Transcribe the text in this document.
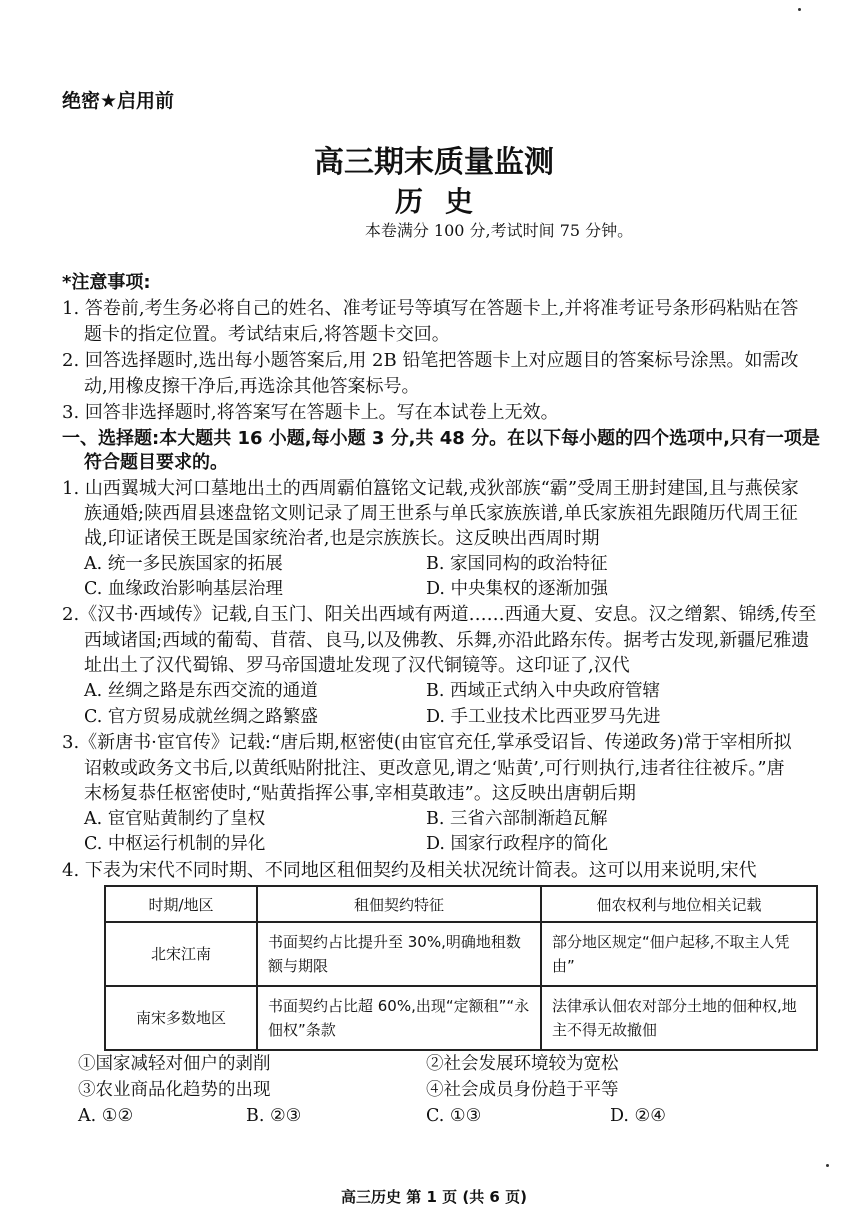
绝密★启用前
高三期末质量监测
历史
本卷满分 100 分,考试时间 75 分钟。
*注意事项:
1. 答卷前,考生务必将自己的姓名、准考证号等填写在答题卡上,并将准考证号条形码粘贴在答
题卡的指定位置。考试结束后,将答题卡交回。
2. 回答选择题时,选出每小题答案后,用 2B 铅笔把答题卡上对应题目的答案标号涂黑。如需改
动,用橡皮擦干净后,再选涂其他答案标号。
3. 回答非选择题时,将答案写在答题卡上。写在本试卷上无效。
一、选择题:本大题共 16 小题,每小题 3 分,共 48 分。在以下每小题的四个选项中,只有一项是
符合题目要求的。
1. 山西翼城大河口墓地出土的西周霸伯簋铭文记载,戎狄部族“霸”受周王册封建国,且与燕侯家
族通婚;陕西眉县逨盘铭文则记录了周王世系与单氏家族族谱,单氏家族祖先跟随历代周王征
战,印证诸侯王既是国家统治者,也是宗族族长。这反映出西周时期
A. 统一多民族国家的拓展	B. 家国同构的政治特征
C. 血缘政治影响基层治理	D. 中央集权的逐渐加强
2.《汉书·西域传》记载,自玉门、阳关出西域有两道……西通大夏、安息。汉之缯絮、锦绣,传至
西域诸国;西域的葡萄、苜蓿、良马,以及佛教、乐舞,亦沿此路东传。据考古发现,新疆尼雅遗
址出土了汉代蜀锦、罗马帝国遗址发现了汉代铜镜等。这印证了,汉代
A. 丝绸之路是东西交流的通道	B. 西域正式纳入中央政府管辖
C. 官方贸易成就丝绸之路繁盛	D. 手工业技术比西亚罗马先进
3.《新唐书·宦官传》记载:“唐后期,枢密使(由宦官充任,掌承受诏旨、传递政务)常于宰相所拟
诏敕或政务文书后,以黄纸贴附批注、更改意见,谓之‘贴黄’,可行则执行,违者往往被斥。”唐
末杨复恭任枢密使时,“贴黄指挥公事,宰相莫敢违”。这反映出唐朝后期
A. 宦官贴黄制约了皇权	B. 三省六部制渐趋瓦解
C. 中枢运行机制的异化	D. 国家行政程序的简化
4. 下表为宋代不同时期、不同地区租佃契约及相关状况统计简表。这可以用来说明,宋代
时期/地区	租佃契约特征	佃农权利与地位相关记载
北宋江南	书面契约占比提升至 30%,明确地租数额与期限	部分地区规定“佃户起移,不取主人凭由”
南宋多数地区	书面契约占比超 60%,出现“定额租”“永佃权”条款	法律承认佃农对部分土地的佃种权,地主不得无故撤佃
①国家减轻对佃户的剥削	②社会发展环境较为宽松
③农业商品化趋势的出现	④社会成员身份趋于平等
A. ①②	B. ②③	C. ①③	D. ②④
高三历史 第 1 页 (共 6 页)
